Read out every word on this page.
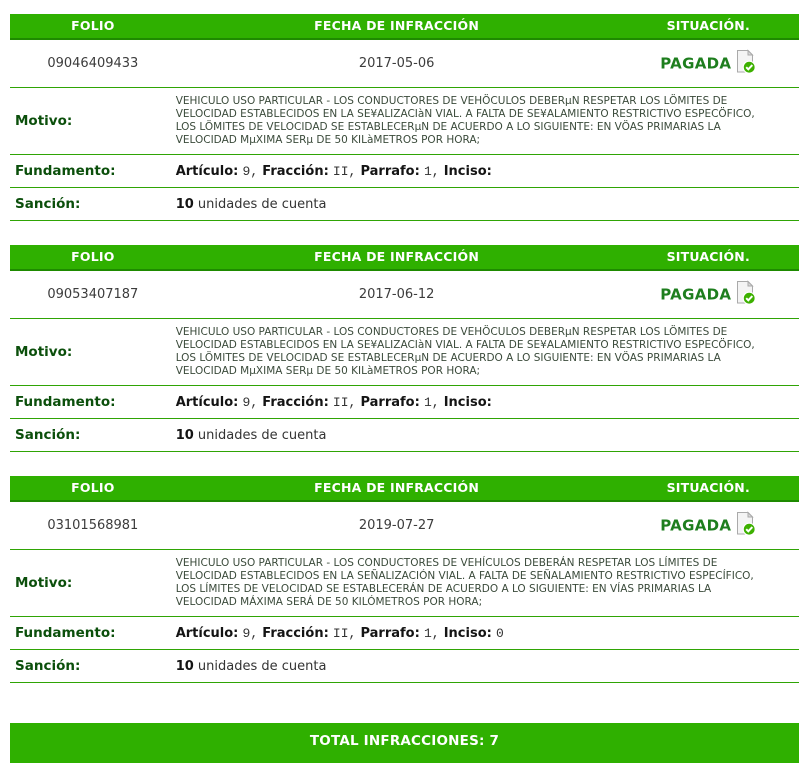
FOLIO	FECHA DE INFRACCIÓN	SITUACIÓN.
09046409433	2017-05-06	PAGADA
Motivo:	VEHICULO USO PARTICULAR - LOS CONDUCTORES DE VEHÖCULOS DEBERµN RESPETAR LOS LÖMITES DE VELOCIDAD ESTABLECIDOS EN LA SE¥ALIZACIàN VIAL. A FALTA DE SE¥ALAMIENTO RESTRICTIVO ESPECÖFICO, LOS LÖMITES DE VELOCIDAD SE ESTABLECERµN DE ACUERDO A LO SIGUIENTE: EN VÖAS PRIMARIAS LA VELOCIDAD MµXIMA SERµ DE 50 KILàMETROS POR HORA;	
Fundamento:	Artículo: 9, Fracción: II, Parrafo: 1, Inciso:	
Sanción:	10 unidades de cuenta	
FOLIO	FECHA DE INFRACCIÓN	SITUACIÓN.
09053407187	2017-06-12	PAGADA
Motivo:	VEHICULO USO PARTICULAR - LOS CONDUCTORES DE VEHÖCULOS DEBERµN RESPETAR LOS LÖMITES DE VELOCIDAD ESTABLECIDOS EN LA SE¥ALIZACIàN VIAL. A FALTA DE SE¥ALAMIENTO RESTRICTIVO ESPECÖFICO, LOS LÖMITES DE VELOCIDAD SE ESTABLECERµN DE ACUERDO A LO SIGUIENTE: EN VÖAS PRIMARIAS LA VELOCIDAD MµXIMA SERµ DE 50 KILàMETROS POR HORA;	
Fundamento:	Artículo: 9, Fracción: II, Parrafo: 1, Inciso:	
Sanción:	10 unidades de cuenta	
FOLIO	FECHA DE INFRACCIÓN	SITUACIÓN.
03101568981	2019-07-27	PAGADA
Motivo:	VEHICULO USO PARTICULAR - LOS CONDUCTORES DE VEHÍCULOS DEBERÁN RESPETAR LOS LÍMITES DE VELOCIDAD ESTABLECIDOS EN LA SEÑALIZACIÓN VIAL. A FALTA DE SEÑALAMIENTO RESTRICTIVO ESPECÍFICO, LOS LÍMITES DE VELOCIDAD SE ESTABLECERÁN DE ACUERDO A LO SIGUIENTE: EN VÍAS PRIMARIAS LA VELOCIDAD MÁXIMA SERÁ DE 50 KILÓMETROS POR HORA;	
Fundamento:	Artículo: 9, Fracción: II, Parrafo: 1, Inciso: 0	
Sanción:	10 unidades de cuenta	
TOTAL INFRACCIONES: 7
